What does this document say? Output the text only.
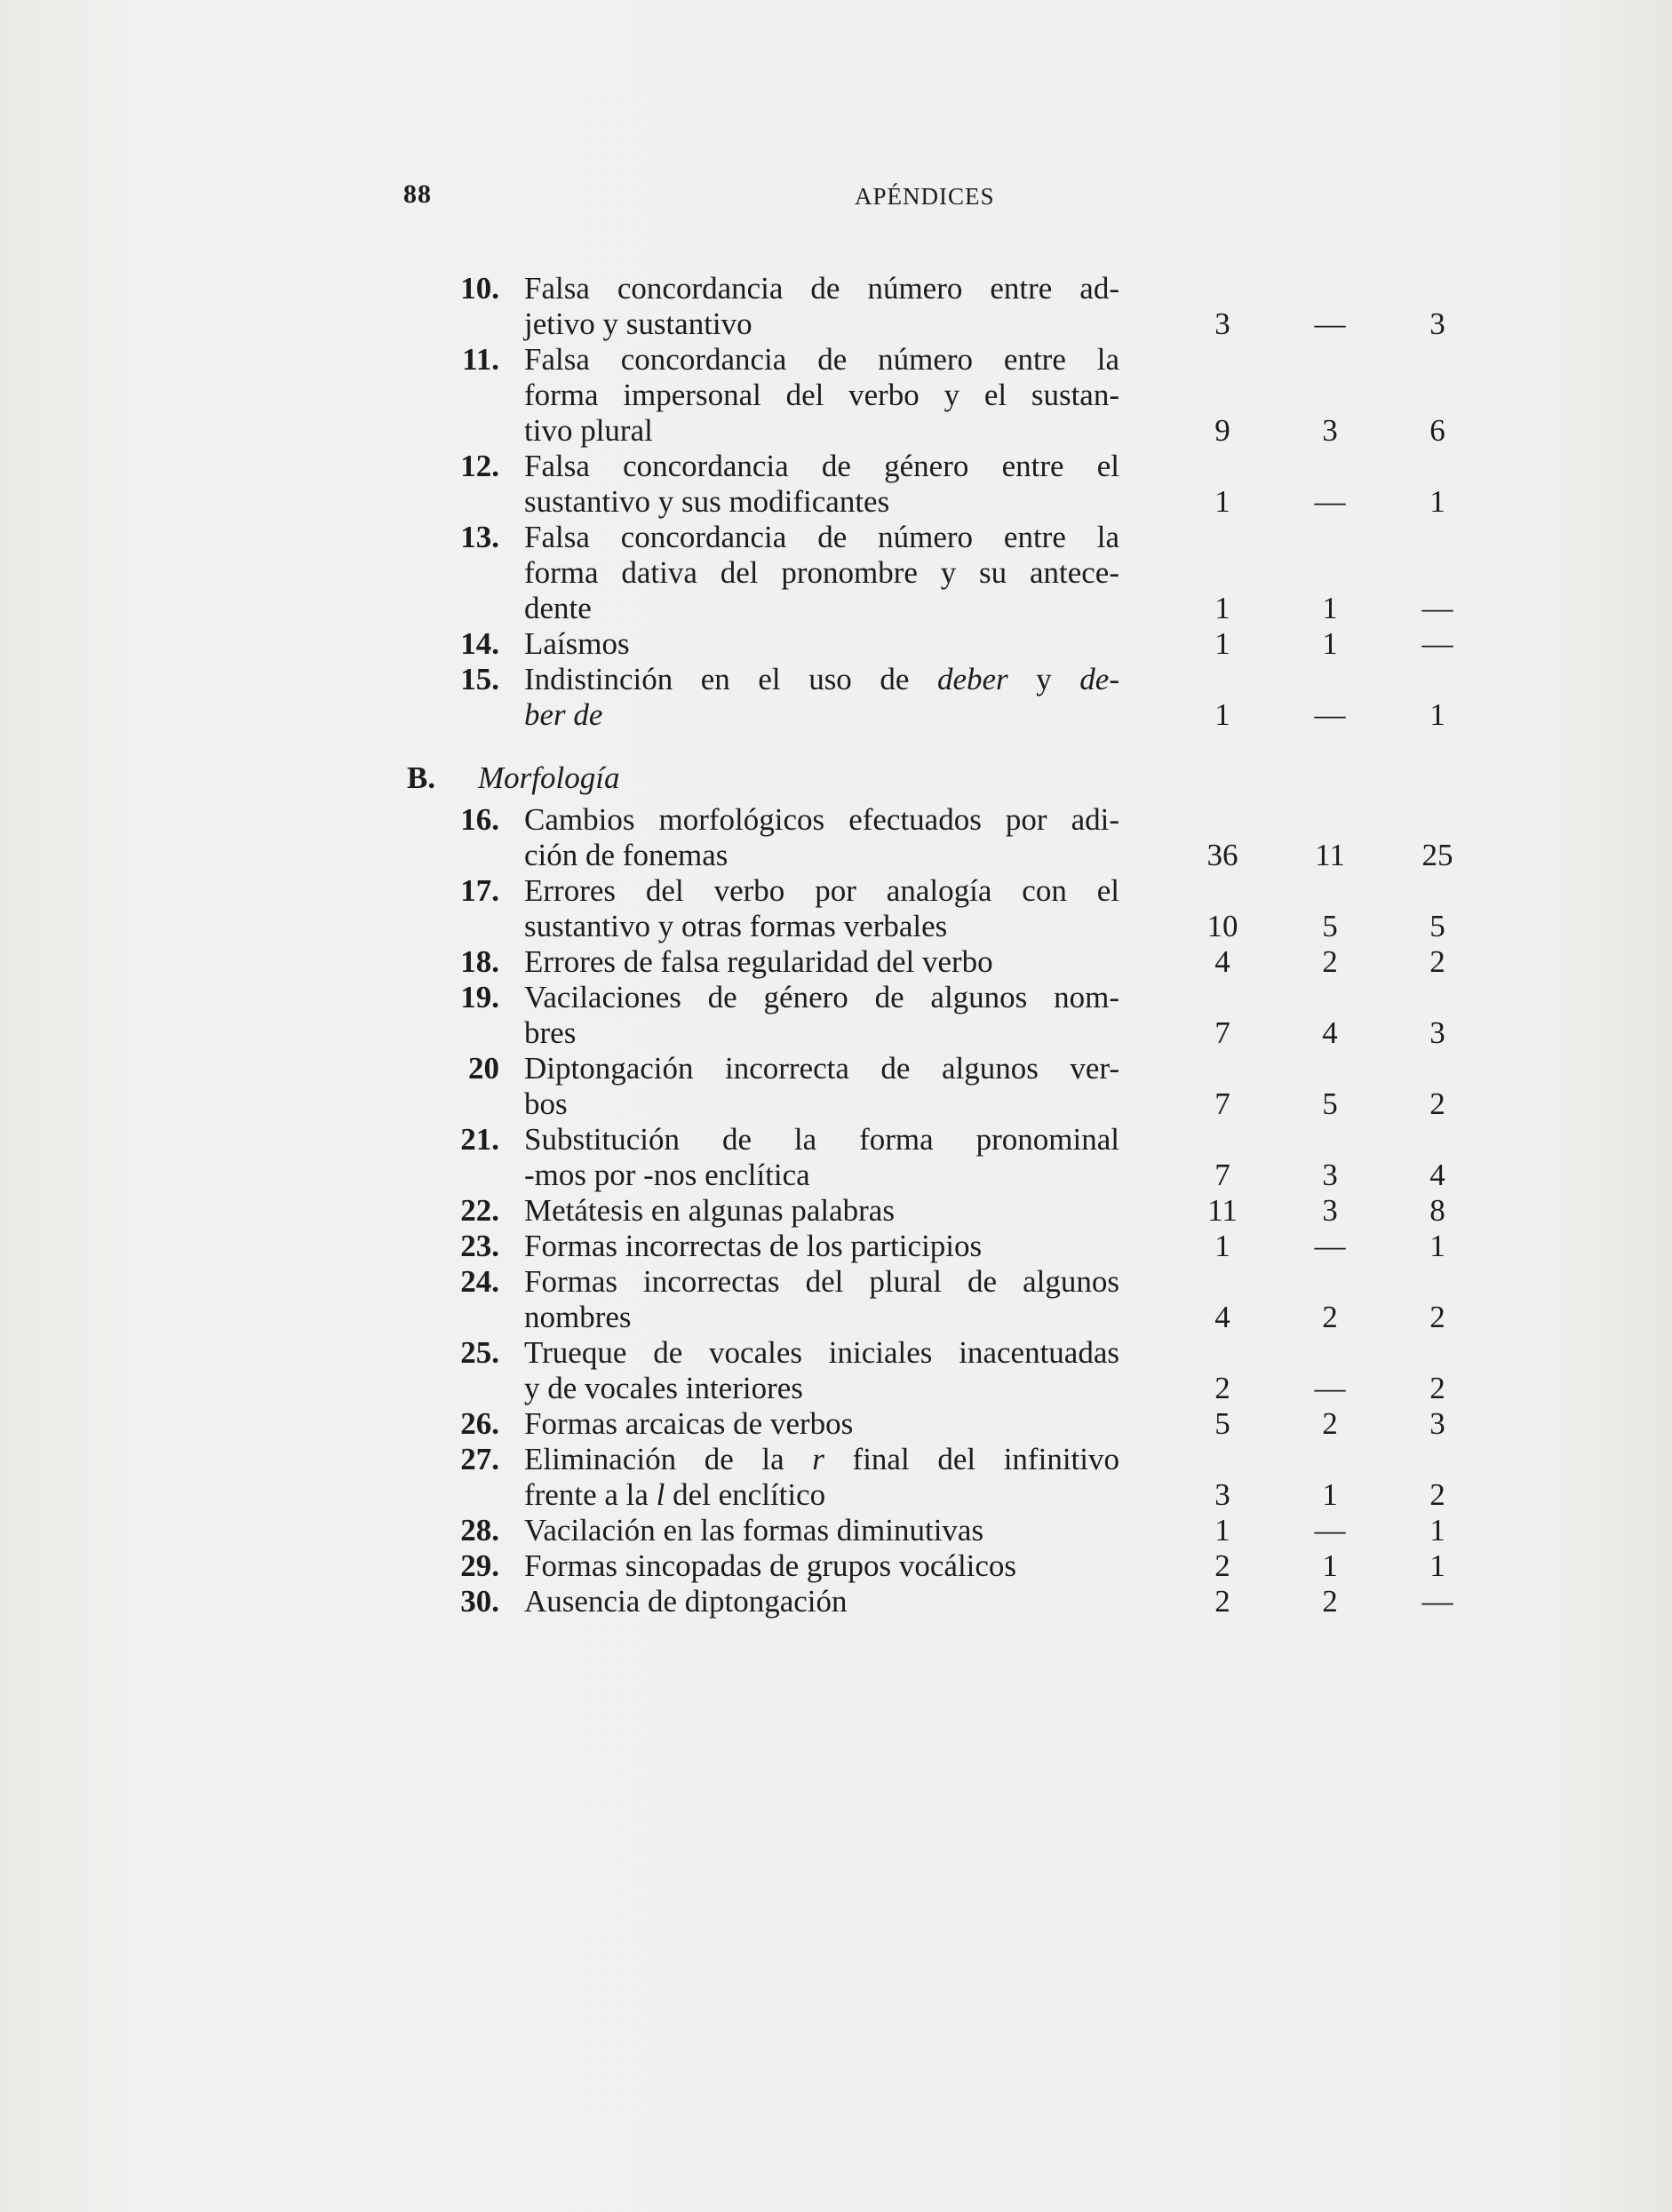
88	APÉNDICES
10. Falsa concordancia de número entre ad-
jetivo y sustantivo	3	—	3
11. Falsa concordancia de número entre la
forma impersonal del verbo y el sustan-
tivo plural	9	3	6
12. Falsa concordancia de género entre el
sustantivo y sus modificantes	1	—	1
13. Falsa concordancia de número entre la
forma dativa del pronombre y su antece-
dente	1	1	—
14. Laísmos	1	1	—
15. Indistinción en el uso de deber y de-
ber de	1	—	1
B. Morfología
16. Cambios morfológicos efectuados por adi-
ción de fonemas	36	11	25
17. Errores del verbo por analogía con el
sustantivo y otras formas verbales	10	5	5
18. Errores de falsa regularidad del verbo	4	2	2
19. Vacilaciones de género de algunos nom-
bres	7	4	3
20 Diptongación incorrecta de algunos ver-
bos	7	5	2
21. Substitución de la forma pronominal
-mos por -nos enclítica	7	3	4
22. Metátesis en algunas palabras	11	3	8
23. Formas incorrectas de los participios	1	—	1
24. Formas incorrectas del plural de algunos
nombres	4	2	2
25. Trueque de vocales iniciales inacentuadas
y de vocales interiores	2	—	2
26. Formas arcaicas de verbos	5	2	3
27. Eliminación de la r final del infinitivo
frente a la l del enclítico	3	1	2
28. Vacilación en las formas diminutivas	1	—	1
29. Formas sincopadas de grupos vocálicos	2	1	1
30. Ausencia de diptongación	2	2	—
